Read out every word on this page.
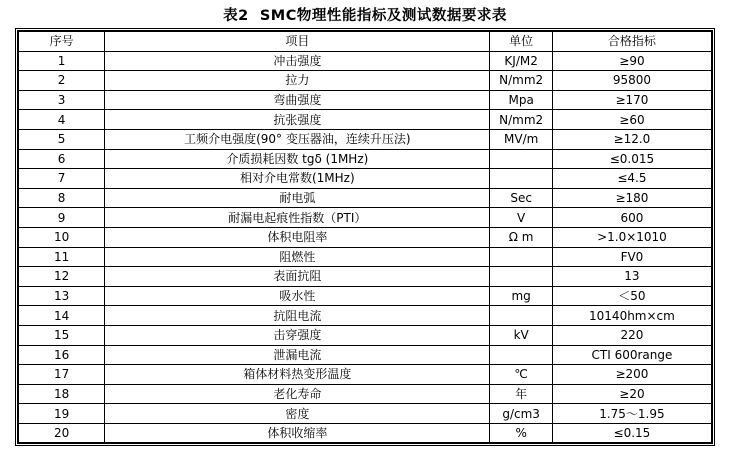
表2  SMC物理性能指标及测试数据要求表
序号	项目	单位	合格指标
1	冲击强度	KJ/M2	≥90
2	拉力	N/mm2	95800
3	弯曲强度	Mpa	≥170
4	抗张强度	N/mm2	≥60
5	工频介电强度(90° 变压器油，连续升压法)	MV/m	≥12.0
6	介质损耗因数 tgδ (1MHz)		≤0.015
7	相对介电常数(1MHz)		≤4.5
8	耐电弧	Sec	≥180
9	耐漏电起痕性指数（PTI）	V	600
10	体积电阻率	Ω m	>1.0×1010
11	阻燃性		FV0
12	表面抗阻		13
13	吸水性	mg	＜50
14	抗阻电流		10140hm×cm
15	击穿强度	kV	220
16	泄漏电流		CTI 600range
17	箱体材料热变形温度	℃	≥200
18	老化寿命	年	≥20
19	密度	g/cm3	1.75～1.95
20	体积收缩率	%	≤0.15
